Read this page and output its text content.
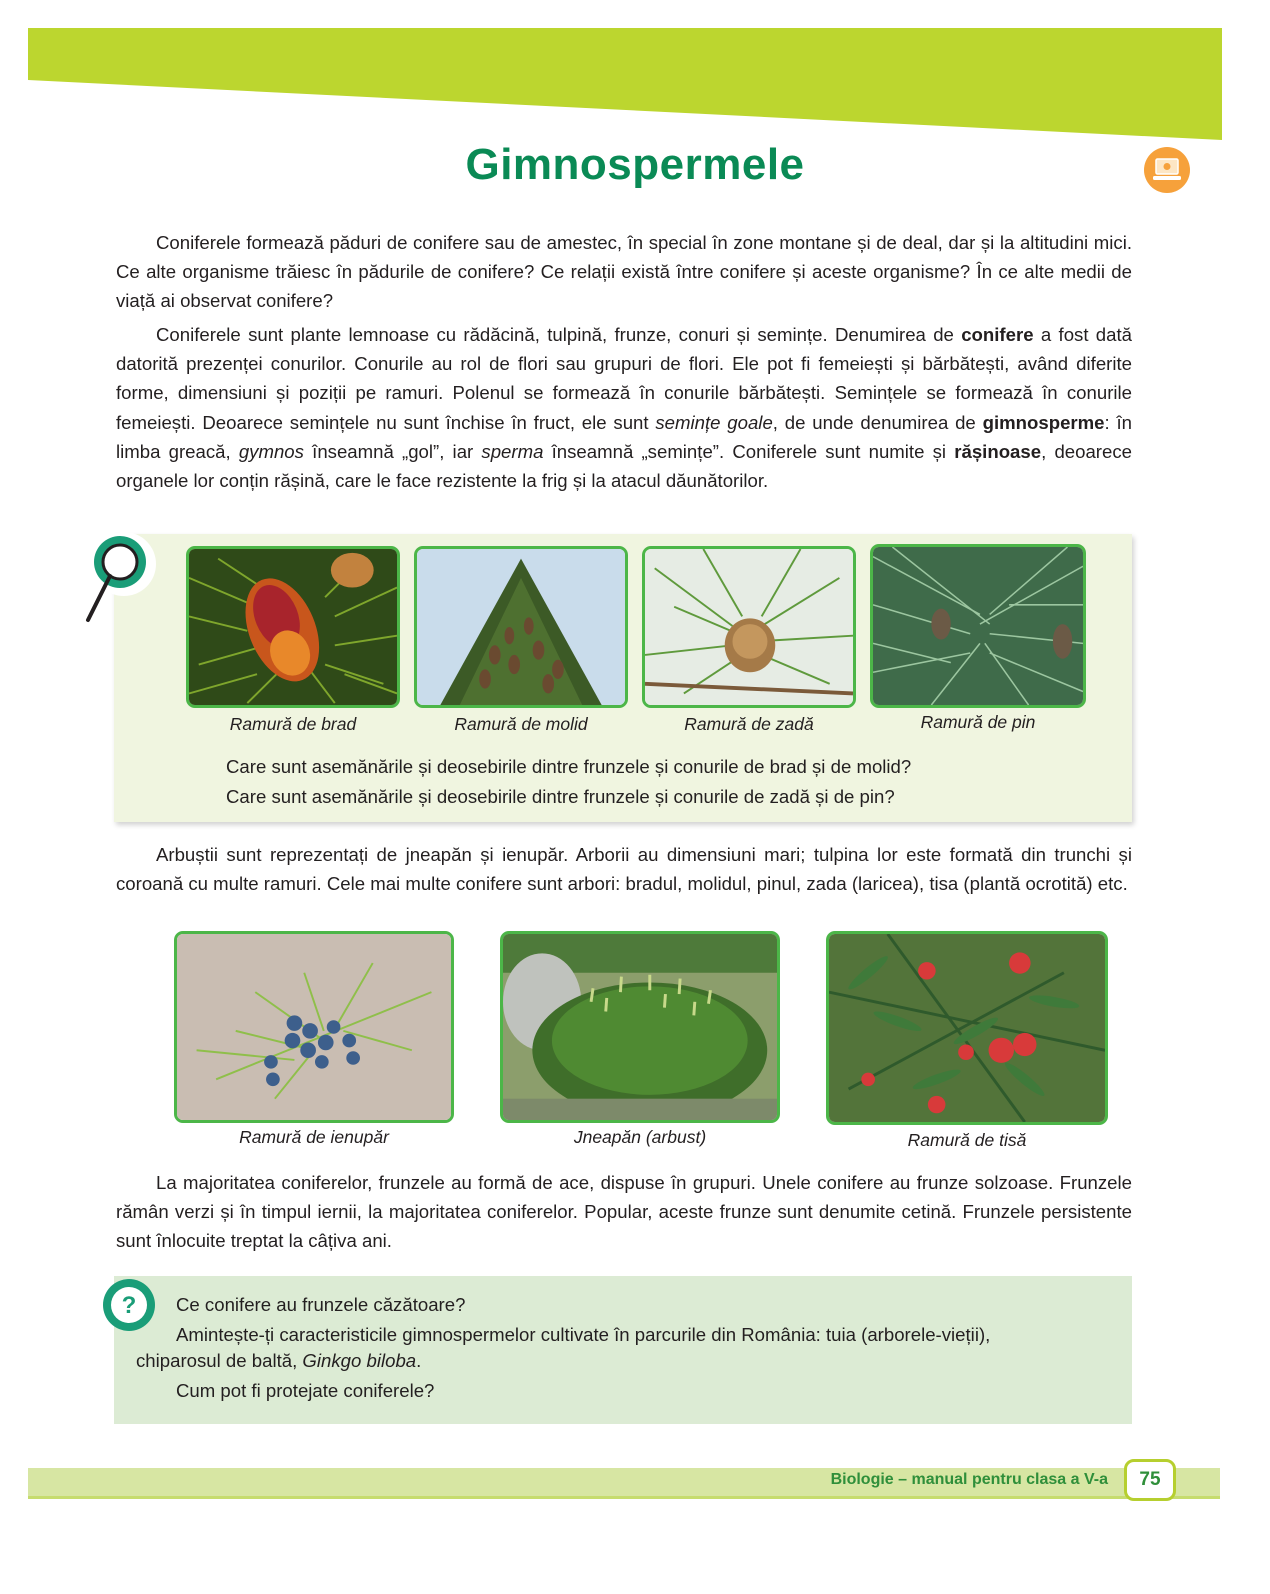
Gimnospermele

Coniferele formează păduri de conifere sau de amestec, în special în zone montane și de deal, dar și la altitudini mici. Ce alte organisme trăiesc în pădurile de conifere? Ce relații există între conifere și aceste organisme? În ce alte medii de viață ai observat conifere?

Coniferele sunt plante lemnoase cu rădăcină, tulpină, frunze, conuri și semințe. Denumirea de conifere a fost dată datorită prezenței conurilor. Conurile au rol de flori sau grupuri de flori. Ele pot fi femeiești și bărbătești, având diferite forme, dimensiuni și poziții pe ramuri. Polenul se formează în conurile bărbătești. Semințele se formează în conurile femeiești. Deoarece semințele nu sunt închise în fruct, ele sunt semințe goale, de unde denumirea de gimnosperme: în limba greacă, gymnos înseamnă „gol”, iar sperma înseamnă „semințe”. Coniferele sunt numite și rășinoase, deoarece organele lor conțin rășină, care le face rezistente la frig și la atacul dăunătorilor.

Ramură de brad	Ramură de molid	Ramură de zadă	Ramură de pin
Care sunt asemănările și deosebirile dintre frunzele și conurile de brad și de molid?
Care sunt asemănările și deosebirile dintre frunzele și conurile de zadă și de pin?

Arbuștii sunt reprezentați de jneapăn și ienupăr. Arborii au dimensiuni mari; tulpina lor este formată din trunchi și coroană cu multe ramuri. Cele mai multe conifere sunt arbori: bradul, molidul, pinul, zada (laricea), tisa (plantă ocrotită) etc.

Ramură de ienupăr	Jneapăn (arbust)	Ramură de tisă

La majoritatea coniferelor, frunzele au formă de ace, dispuse în grupuri. Unele conifere au frunze solzoase. Frunzele rămân verzi și în timpul iernii, la majoritatea coniferelor. Popular, aceste frunze sunt denumite cetină. Frunzele persistente sunt înlocuite treptat la câțiva ani.

? Ce conifere au frunzele căzătoare?
Amintește-ți caracteristicile gimnospermelor cultivate în parcurile din România: tuia (arborele-vieții),
chiparosul de baltă, Ginkgo biloba.
Cum pot fi protejate coniferele?
Biologie – manual pentru clasa a V-a	75
